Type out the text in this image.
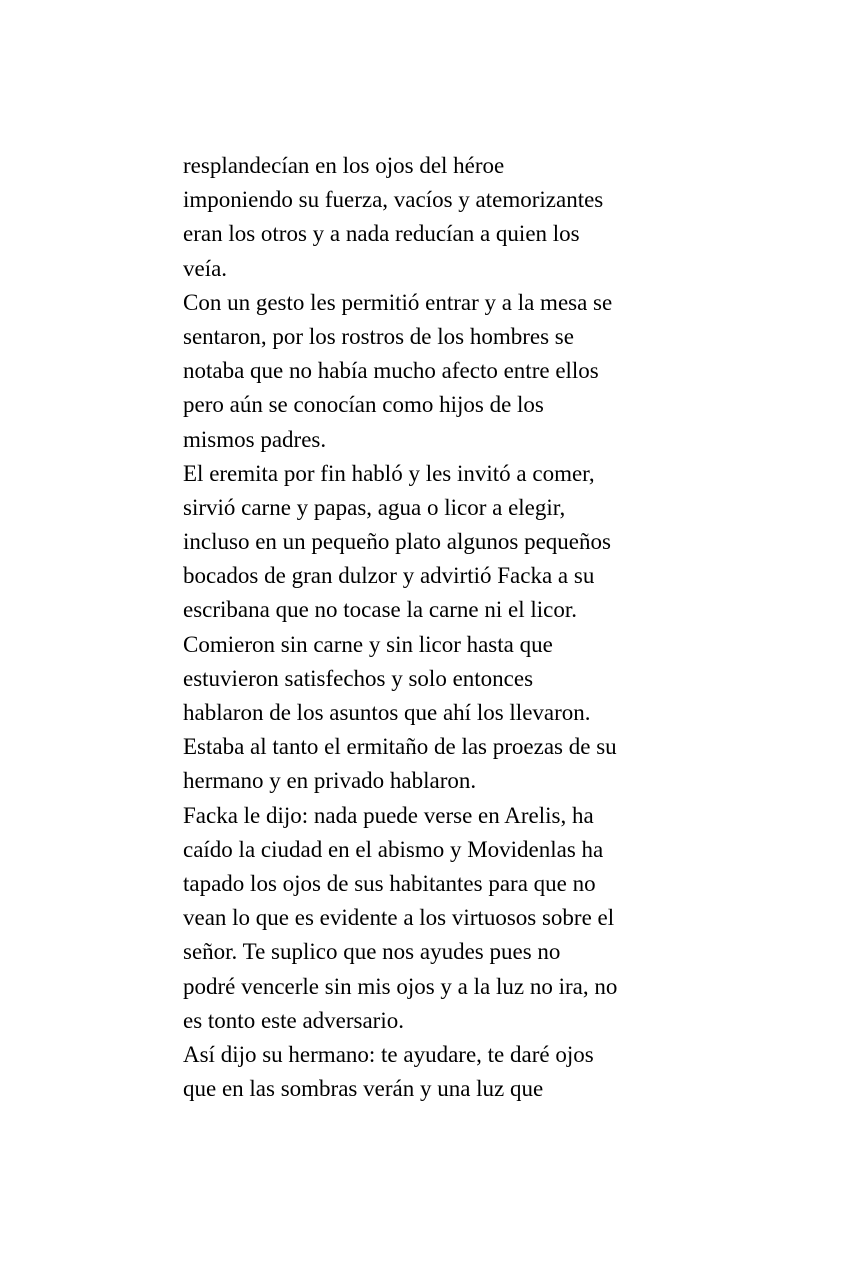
resplandecían en los ojos del héroe
imponiendo su fuerza, vacíos y atemorizantes
eran los otros y a nada reducían a quien los
veía.
Con un gesto les permitió entrar y a la mesa se
sentaron, por los rostros de los hombres se
notaba que no había mucho afecto entre ellos
pero aún se conocían como hijos de los
mismos padres.
El eremita por fin habló y les invitó a comer,
sirvió carne y papas, agua o licor a elegir,
incluso en un pequeño plato algunos pequeños
bocados de gran dulzor y advirtió Facka a su
escribana que no tocase la carne ni el licor.
Comieron sin carne y sin licor hasta que
estuvieron satisfechos y solo entonces
hablaron de los asuntos que ahí los llevaron.
Estaba al tanto el ermitaño de las proezas de su
hermano y en privado hablaron.
Facka le dijo: nada puede verse en Arelis, ha
caído la ciudad en el abismo y Movidenlas ha
tapado los ojos de sus habitantes para que no
vean lo que es evidente a los virtuosos sobre el
señor. Te suplico que nos ayudes pues no
podré vencerle sin mis ojos y a la luz no ira, no
es tonto este adversario.
Así dijo su hermano: te ayudare, te daré ojos
que en las sombras verán y una luz que
